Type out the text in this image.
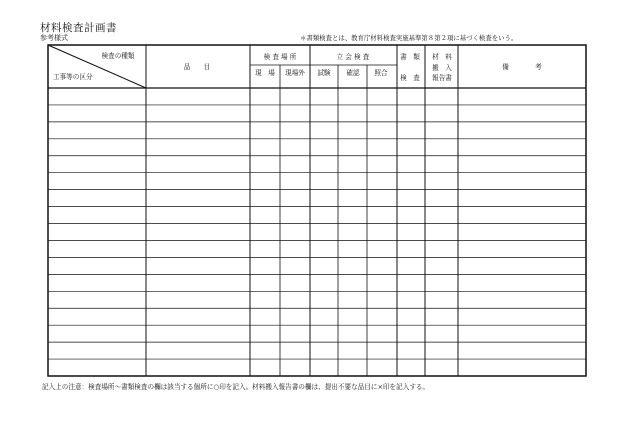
材料検査計画書
参考様式	＊書類検査とは、教育庁材料検査実施基準第８第２項に基づく検査をいう。
検査の種類
工事等の区分
品　　目
検 査 場 所
現　場 現場外
立 会 検 査
試験 確認 照合
書　類
検　査
材　料
搬　入
報告書
備　　　　考
記入上の注意：検査場所～書類検査の欄は該当する個所に○印を記入。材料搬入報告書の欄は、提出不要な品目に×印を記入する。
